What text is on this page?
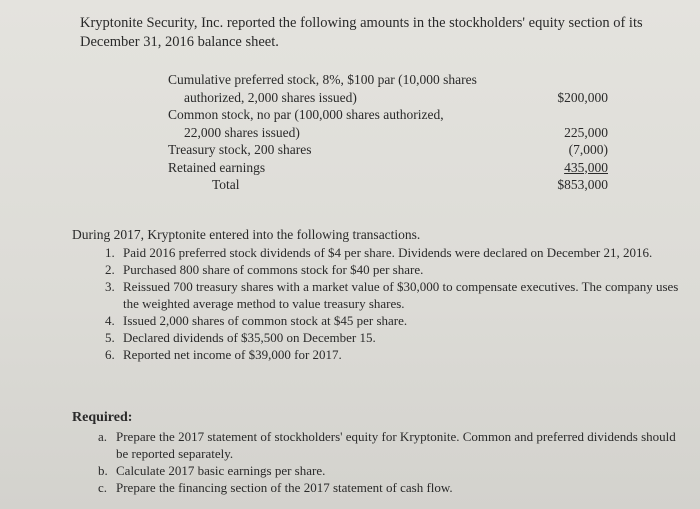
Kryptonite Security, Inc. reported the following amounts in the stockholders' equity section of its December 31, 2016 balance sheet.
Cumulative preferred stock, 8%, $100 par (10,000 shares
authorized, 2,000 shares issued)	$200,000
Common stock, no par (100,000 shares authorized,
22,000 shares issued)	225,000
Treasury stock, 200 shares	(7,000)
Retained earnings	435,000
Total	$853,000
During 2017, Kryptonite entered into the following transactions.
1. Paid 2016 preferred stock dividends of $4 per share. Dividends were declared on December 21, 2016.
2. Purchased 800 share of commons stock for $40 per share.
3. Reissued 700 treasury shares with a market value of $30,000 to compensate executives. The company uses the weighted average method to value treasury shares.
4. Issued 2,000 shares of common stock at $45 per share.
5. Declared dividends of $35,500 on December 15.
6. Reported net income of $39,000 for 2017.
Required:
a. Prepare the 2017 statement of stockholders' equity for Kryptonite. Common and preferred dividends should be reported separately.
b. Calculate 2017 basic earnings per share.
c. Prepare the financing section of the 2017 statement of cash flow.
